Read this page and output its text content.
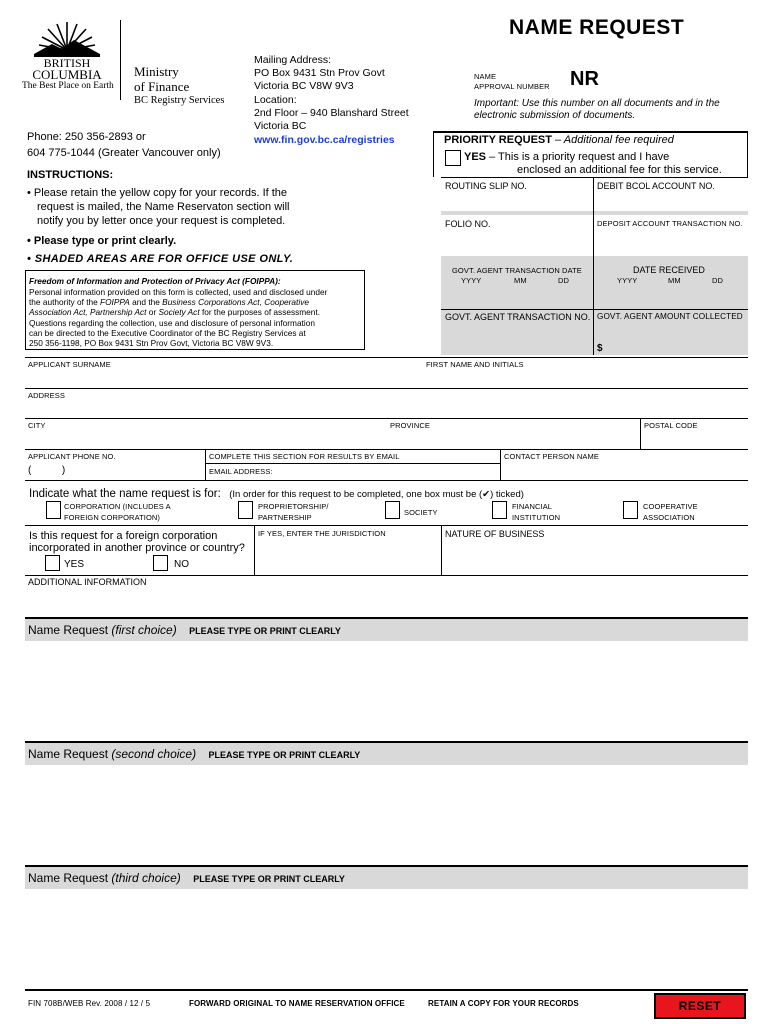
BRITISH
COLUMBIA
The Best Place on Earth
Ministry
of Finance
BC Registry Services
Mailing Address:
PO Box 9431 Stn Prov Govt
Victoria BC V8W 9V3
Location:
2nd Floor – 940 Blanshard Street
Victoria BC
www.fin.gov.bc.ca/registries
Phone: 250 356-2893 or
604 775-1044 (Greater Vancouver only)
NAME REQUEST
NAME
APPROVAL NUMBER NR
Important: Use this number on all documents and in the
electronic submission of documents.
INSTRUCTIONS:
• Please retain the yellow copy for your records. If the
request is mailed, the Name Reservaton section will
notify you by letter once your request is completed.
• Please type or print clearly.
• SHADED AREAS ARE FOR OFFICE USE ONLY.
Freedom of Information and Protection of Privacy Act (FOIPPA):
Personal information provided on this form is collected, used and disclosed under
the authority of the FOIPPA and the Business Corporations Act, Cooperative
Association Act, Partnership Act or Society Act for the purposes of assessment.
Questions regarding the collection, use and disclosure of personal information
can be directed to the Executive Coordinator of the BC Registry Services at
250 356-1198, PO Box 9431 Stn Prov Govt, Victoria BC V8W 9V3.
PRIORITY REQUEST – Additional fee required
YES – This is a priority request and I have
enclosed an additional fee for this service.
ROUTING SLIP NO.	DEBIT BCOL ACCOUNT NO.
FOLIO NO.	DEPOSIT ACCOUNT TRANSACTION NO.
GOVT. AGENT TRANSACTION DATE
YYYY	MM	DD
DATE RECEIVED
YYYY	MM	DD
GOVT. AGENT TRANSACTION NO. GOVT. AGENT AMOUNT COLLECTED
$
APPLICANT SURNAME	FIRST NAME AND INITIALS
ADDRESS
CITY	PROVINCE	POSTAL CODE
APPLICANT PHONE NO.
(           )
COMPLETE THIS SECTION FOR RESULTS BY EMAIL	CONTACT PERSON NAME
EMAIL ADDRESS:
Indicate what the name request is for: (In order for this request to be completed, one box must be (✔) ticked)
CORPORATION (INCLUDES A
FOREIGN CORPORATION)
PROPRIETORSHIP/
PARTNERSHIP
SOCIETY
FINANCIAL
INSTITUTION
COOPERATIVE
ASSOCIATION
Is this request for a foreign corporation
incorporated in another province or country?
YES	NO
IF YES, ENTER THE JURISDICTION	NATURE OF BUSINESS
ADDITIONAL INFORMATION
Name Request (first choice) PLEASE TYPE OR PRINT CLEARLY
Name Request (second choice) PLEASE TYPE OR PRINT CLEARLY
Name Request (third choice) PLEASE TYPE OR PRINT CLEARLY
FIN 708B/WEB Rev. 2008 / 12 / 5	FORWARD ORIGINAL TO NAME RESERVATION OFFICE	RETAIN A COPY FOR YOUR RECORDS	RESET
